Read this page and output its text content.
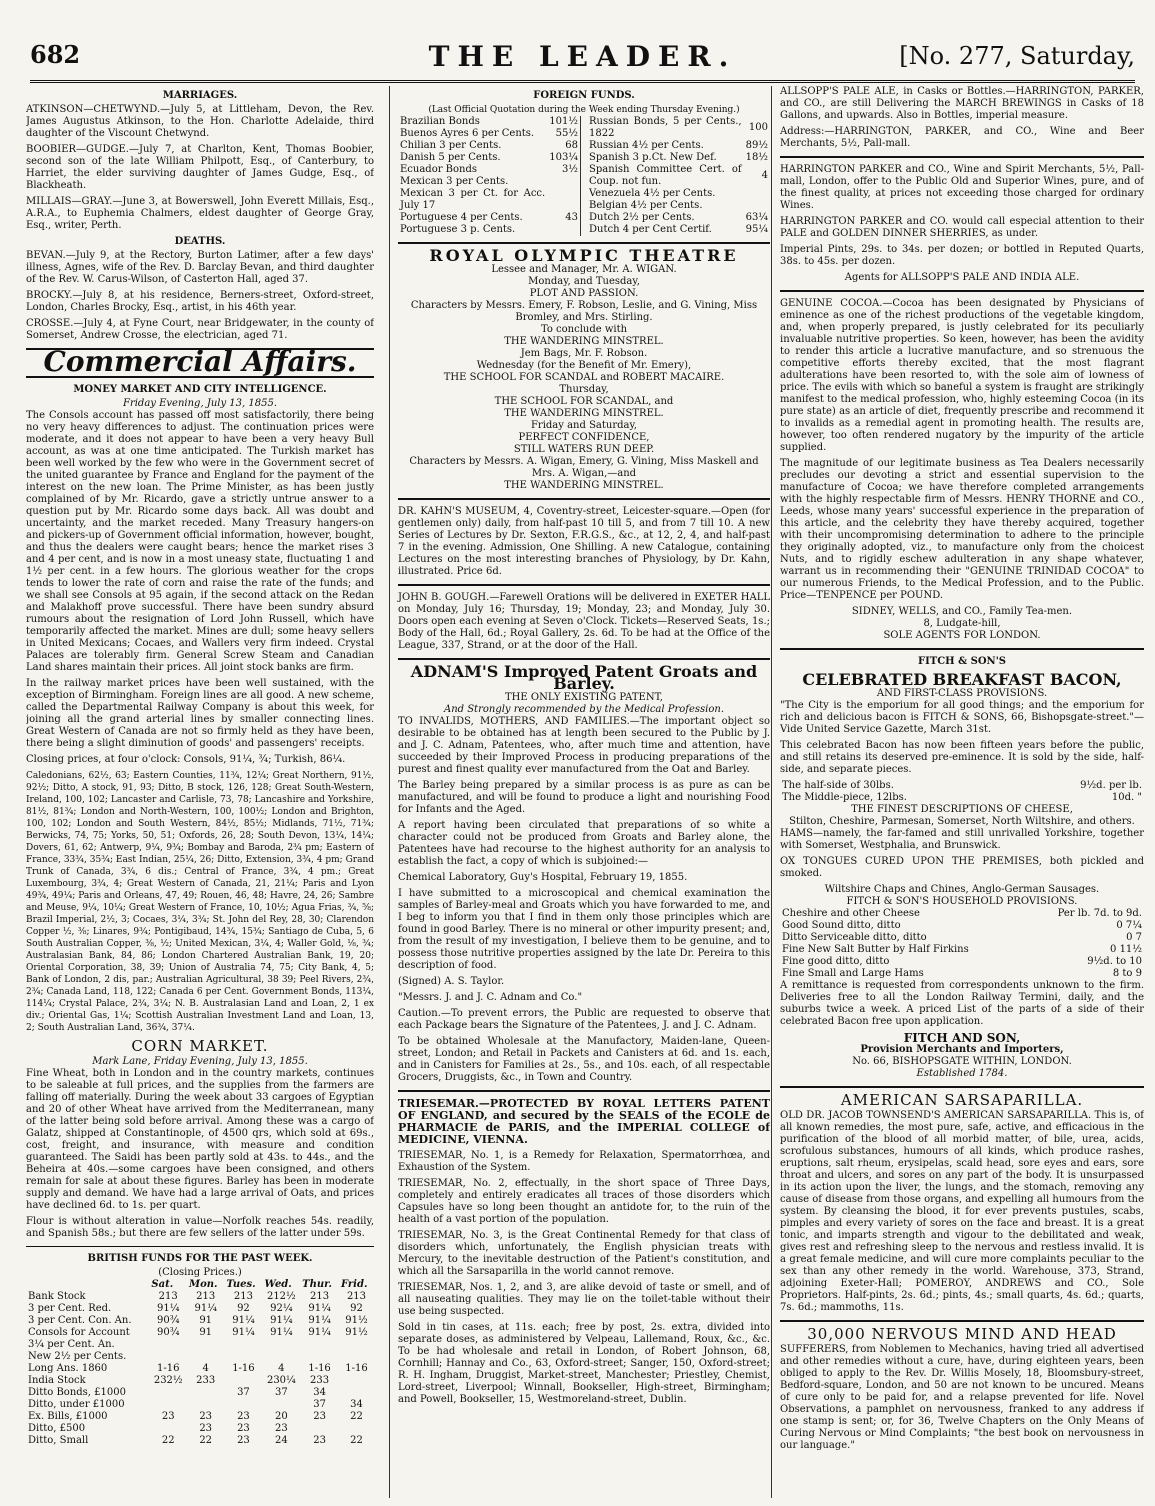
682	THE LEADER.	[No. 277, Saturday,
MARRIAGES.

ATKINSON—CHETWYND.—July 5, at Littleham, Devon, the Rev. James Augustus Atkinson, to the Hon. Charlotte Adelaide, third daughter of the Viscount Chetwynd.

BOOBIER—GUDGE.—July 7, at Charlton, Kent, Thomas Boobier, second son of the late William Philpott, Esq., of Canterbury, to Harriet, the elder surviving daughter of James Gudge, Esq., of Blackheath.

MILLAIS—GRAY.—June 3, at Bowerswell, John Everett Millais, Esq., A.R.A., to Euphemia Chalmers, eldest daughter of George Gray, Esq., writer, Perth.

DEATHS.

BEVAN.—July 9, at the Rectory, Burton Latimer, after a few days' illness, Agnes, wife of the Rev. D. Barclay Bevan, and third daughter of the Rev. W. Carus-Wilson, of Casterton Hall, aged 37.

BROCKY.—July 8, at his residence, Berners-street, Oxford-street, London, Charles Brocky, Esq., artist, in his 46th year.

CROSSE.—July 4, at Fyne Court, near Bridgewater, in the county of Somerset, Andrew Crosse, the electrician, aged 71.

Commercial Affairs.
MONEY MARKET AND CITY INTELLIGENCE.
Friday Evening, July 13, 1855.

The Consols account has passed off most satisfactorily, there being no very heavy differences to adjust. The continuation prices were moderate, and it does not appear to have been a very heavy Bull account, as was at one time anticipated. The Turkish market has been well worked by the few who were in the Government secret of the united guarantee by France and England for the payment of the interest on the new loan. The Prime Minister, as has been justly complained of by Mr. Ricardo, gave a strictly untrue answer to a question put by Mr. Ricardo some days back. All was doubt and uncertainty, and the market receded. Many Treasury hangers-on and pickers-up of Government official information, however, bought, and thus the dealers were caught bears; hence the market rises 3 and 4 per cent, and is now in a most uneasy state, fluctuating 1 and 1½ per cent. in a few hours. The glorious weather for the crops tends to lower the rate of corn and raise the rate of the funds; and we shall see Consols at 95 again, if the second attack on the Redan and Malakhoff prove successful. There have been sundry absurd rumours about the resignation of Lord John Russell, which have temporarily affected the market. Mines are dull; some heavy sellers in United Mexicans; Cocaes, and Wallers very firm indeed. Crystal Palaces are tolerably firm. General Screw Steam and Canadian Land shares maintain their prices. All joint stock banks are firm.

In the railway market prices have been well sustained, with the exception of Birmingham. Foreign lines are all good. A new scheme, called the Departmental Railway Company is about this week, for joining all the grand arterial lines by smaller connecting lines. Great Western of Canada are not so firmly held as they have been, there being a slight diminution of goods' and passengers' receipts.

Closing prices, at four o'clock: Consols, 91¼, ¾; Turkish, 86¼.

Caledonians, 62½, 63; Eastern Counties, 11¾, 12¼; Great Northern, 91½, 92½; Ditto, A stock, 91, 93; Ditto, B stock, 126, 128; Great South-Western, Ireland, 100, 102; Lancaster and Carlisle, 73, 78; Lancashire and Yorkshire, 81½, 81¾; London and North-Western, 100, 100½; London and Brighton, 100, 102; London and South Western, 84½, 85½; Midlands, 71½, 71¾; Berwicks, 74, 75; Yorks, 50, 51; Oxfords, 26, 28; South Devon, 13¼, 14¼; Dovers, 61, 62; Antwerp, 9¼, 9¾; Bombay and Baroda, 2¾ pm; Eastern of France, 33¾, 35¾; East Indian, 25¼, 26; Ditto, Extension, 3¾, 4 pm; Grand Trunk of Canada, 3¾, 6 dis.; Central of France, 3¾, 4 pm.; Great Luxembourg, 3¾, 4; Great Western of Canada, 21, 21¼; Paris and Lyon 49¾, 49¼; Paris and Orleans, 47, 49; Rouen, 46, 48; Havre, 24, 26; Sambre and Meuse, 9¼, 10¼; Great Western of France, 10, 10½; Agua Frias, ¾, ⅝; Brazil Imperial, 2½, 3; Cocaes, 3¼, 3¾; St. John del Rey, 28, 30; Clarendon Copper ½, ⅜; Linares, 9¾; Pontigibaud, 14¾, 15¾; Santiago de Cuba, 5, 6 South Australian Copper, ⅜, ½; United Mexican, 3¼, 4; Waller Gold, ⅛, ¾; Australasian Bank, 84, 86; London Chartered Australian Bank, 19, 20; Oriental Corporation, 38, 39; Union of Australia 74, 75; City Bank, 4, 5; Bank of London, 2 dis, par.; Australian Agricultural, 38 39; Peel Rivers, 2¾, 2¾; Canada Land, 118, 122; Canada 6 per Cent. Government Bonds, 113¼, 114¼; Crystal Palace, 2¾, 3¼; N. B. Australasian Land and Loan, 2, 1 ex div.; Oriental Gas, 1¼; Scottish Australian Investment Land and Loan, 13, 2; South Australian Land, 36¾, 37¼.

CORN MARKET.
Mark Lane, Friday Evening, July 13, 1855.

Fine Wheat, both in London and in the country markets, continues to be saleable at full prices, and the supplies from the farmers are falling off materially. During the week about 33 cargoes of Egyptian and 20 of other Wheat have arrived from the Mediterranean, many of the latter being sold before arrival. Among these was a cargo of Galatz, shipped at Constantinople, of 4500 qrs, which sold at 69s., cost, freight, and insurance, with measure and condition guaranteed. The Saidi has been partly sold at 43s. to 44s., and the Beheira at 40s.—some cargoes have been consigned, and others remain for sale at about these figures. Barley has been in moderate supply and demand. We have had a large arrival of Oats, and prices have declined 6d. to 1s. per quart.

Flour is without alteration in value—Norfolk reaches 54s. readily, and Spanish 58s.; but there are few sellers of the latter under 59s.

BRITISH FUNDS FOR THE PAST WEEK.
(Closing Prices.)
	Sat.	Mon.	Tues.	Wed.	Thur.	Frid.
Bank Stock	213	213	213	212½	213	213
3 per Cent. Red.	91¼	91¼	92	92¼	91¼	92
3 per Cent. Con. An.	90¾	91	91¼	91¼	91¼	91½
Consols for Account	90¾	91	91¼	91¼	91¼	91½
3¼ per Cent. An.						
New 2½ per Cents.						
Long Ans. 1860	1-16	4	1-16	4	1-16	1-16
India Stock	232½	233		230¼	233	
Ditto Bonds, £1000			37	37	34	
Ditto, under £1000					37	34
Ex. Bills, £1000	23	23	23	20	23	22
Ditto, £500		23	23	23		
Ditto, Small	22	22	23	24	23	22
FOREIGN FUNDS.
(Last Official Quotation during the Week ending Thursday Evening.)
Brazilian Bonds	101½
Buenos Ayres 6 per Cents.	55½
Chilian 3 per Cents.	68
Danish 5 per Cents.	103¼
Ecuador Bonds	3½
Mexican 3 per Cents.	
Mexican 3 per Ct. for Acc. July 17	
Portuguese 4 per Cents.	43
Portuguese 3 p. Cents.	
Russian Bonds, 5 per Cents., 1822	100
Russian 4½ per Cents.	89½
Spanish 3 p.Ct. New Def.	18½
Spanish Committee Cert. of Coup. not fun.	4
Venezuela 4½ per Cents.	
Belgian 4½ per Cents.	
Dutch 2½ per Cents.	63¼
Dutch 4 per Cent Certif.	95¼
ROYAL OLYMPIC THEATRE
Lessee and Manager, Mr. A. WIGAN.
Monday, and Tuesday,
PLOT AND PASSION.
Characters by Messrs. Emery, F. Robson, Leslie, and G. Vining, Miss Bromley, and Mrs. Stirling.
To conclude with
THE WANDERING MINSTREL.
Jem Bags, Mr. F. Robson.
Wednesday (for the Benefit of Mr. Emery),
THE SCHOOL FOR SCANDAL and ROBERT MACAIRE.
Thursday,
THE SCHOOL FOR SCANDAL, and
THE WANDERING MINSTREL.
Friday and Saturday,
PERFECT CONFIDENCE,
STILL WATERS RUN DEEP.
Characters by Messrs. A. Wigan, Emery, G. Vining, Miss Maskell and Mrs. A. Wigan,—and
THE WANDERING MINSTREL.

DR. KAHN'S MUSEUM, 4, Coventry-street, Leicester-square.—Open (for gentlemen only) daily, from half-past 10 till 5, and from 7 till 10. A new Series of Lectures by Dr. Sexton, F.R.G.S., &c., at 12, 2, 4, and half-past 7 in the evening. Admission, One Shilling. A new Catalogue, containing Lectures on the most interesting branches of Physiology, by Dr. Kahn, illustrated. Price 6d.

JOHN B. GOUGH.—Farewell Orations will be delivered in EXETER HALL on Monday, July 16; Thursday, 19; Monday, 23; and Monday, July 30. Doors open each evening at Seven o'Clock. Tickets—Reserved Seats, 1s.; Body of the Hall, 6d.; Royal Gallery, 2s. 6d. To be had at the Office of the League, 337, Strand, or at the door of the Hall.

ADNAM'S Improved Patent Groats and Barley.
THE ONLY EXISTING PATENT,
And Strongly recommended by the Medical Profession.

TO INVALIDS, MOTHERS, AND FAMILIES.—The important object so desirable to be obtained has at length been secured to the Public by J. and J. C. Adnam, Patentees, who, after much time and attention, have succeeded by their Improved Process in producing preparations of the purest and finest quality ever manufactured from the Oat and Barley.

The Barley being prepared by a similar process is as pure as can be manufactured, and will be found to produce a light and nourishing Food for Infants and the Aged.

A report having been circulated that preparations of so white a character could not be produced from Groats and Barley alone, the Patentees have had recourse to the highest authority for an analysis to establish the fact, a copy of which is subjoined:—

Chemical Laboratory, Guy's Hospital, February 19, 1855.

I have submitted to a microscopical and chemical examination the samples of Barley-meal and Groats which you have forwarded to me, and I beg to inform you that I find in them only those principles which are found in good Barley. There is no mineral or other impurity present; and, from the result of my investigation, I believe them to be genuine, and to possess those nutritive properties assigned by the late Dr. Pereira to this description of food.

(Signed) A. S. Taylor.

"Messrs. J. and J. C. Adnam and Co."

Caution.—To prevent errors, the Public are requested to observe that each Package bears the Signature of the Patentees, J. and J. C. Adnam.

To be obtained Wholesale at the Manufactory, Maiden-lane, Queen-street, London; and Retail in Packets and Canisters at 6d. and 1s. each, and in Canisters for Families at 2s., 5s., and 10s. each, of all respectable Grocers, Druggists, &c., in Town and Country.

TRIESEMAR.—PROTECTED BY ROYAL LETTERS PATENT OF ENGLAND, and secured by the SEALS of the ECOLE de PHARMACIE de PARIS, and the IMPERIAL COLLEGE of MEDICINE, VIENNA.

TRIESEMAR, No. 1, is a Remedy for Relaxation, Spermatorrhœa, and Exhaustion of the System.

TRIESEMAR, No. 2, effectually, in the short space of Three Days, completely and entirely eradicates all traces of those disorders which Capsules have so long been thought an antidote for, to the ruin of the health of a vast portion of the population.

TRIESEMAR, No. 3, is the Great Continental Remedy for that class of disorders which, unfortunately, the English physician treats with Mercury, to the inevitable destruction of the Patient's constitution, and which all the Sarsaparilla in the world cannot remove.

TRIESEMAR, Nos. 1, 2, and 3, are alike devoid of taste or smell, and of all nauseating qualities. They may lie on the toilet-table without their use being suspected.

Sold in tin cases, at 11s. each; free by post, 2s. extra, divided into separate doses, as administered by Velpeau, Lallemand, Roux, &c., &c. To be had wholesale and retail in London, of Robert Johnson, 68, Cornhill; Hannay and Co., 63, Oxford-street; Sanger, 150, Oxford-street; R. H. Ingham, Druggist, Market-street, Manchester; Priestley, Chemist, Lord-street, Liverpool; Winnall, Bookseller, High-street, Birmingham; and Powell, Bookseller, 15, Westmoreland-street, Dublin.

ALLSOPP'S PALE ALE, in Casks or Bottles.—HARRINGTON, PARKER, and CO., are still Delivering the MARCH BREWINGS in Casks of 18 Gallons, and upwards. Also in Bottles, imperial measure.

Address:—HARRINGTON, PARKER, and CO., Wine and Beer Merchants, 5½, Pall-mall.

HARRINGTON PARKER and CO., Wine and Spirit Merchants, 5½, Pall-mall, London, offer to the Public Old and Superior Wines, pure, and of the finest quality, at prices not exceeding those charged for ordinary Wines.

HARRINGTON PARKER and CO. would call especial attention to their PALE and GOLDEN DINNER SHERRIES, as under.

Imperial Pints, 29s. to 34s. per dozen; or bottled in Reputed Quarts, 38s. to 45s. per dozen.

Agents for ALLSOPP'S PALE AND INDIA ALE.

GENUINE COCOA.—Cocoa has been designated by Physicians of eminence as one of the richest productions of the vegetable kingdom, and, when properly prepared, is justly celebrated for its peculiarly invaluable nutritive properties. So keen, however, has been the avidity to render this article a lucrative manufacture, and so strenuous the competitive efforts thereby excited, that the most flagrant adulterations have been resorted to, with the sole aim of lowness of price. The evils with which so baneful a system is fraught are strikingly manifest to the medical profession, who, highly esteeming Cocoa (in its pure state) as an article of diet, frequently prescribe and recommend it to invalids as a remedial agent in promoting health. The results are, however, too often rendered nugatory by the impurity of the article supplied.

The magnitude of our legitimate business as Tea Dealers necessarily precludes our devoting a strict and essential supervision to the manufacture of Cocoa; we have therefore completed arrangements with the highly respectable firm of Messrs. HENRY THORNE and CO., Leeds, whose many years' successful experience in the preparation of this article, and the celebrity they have thereby acquired, together with their uncompromising determination to adhere to the principle they originally adopted, viz., to manufacture only from the choicest Nuts, and to rigidly eschew adulteration in any shape whatever, warrant us in recommending their "GENUINE TRINIDAD COCOA" to our numerous Friends, to the Medical Profession, and to the Public. Price—TENPENCE per POUND.

SIDNEY, WELLS, and CO., Family Tea-men.
8, Ludgate-hill,
SOLE AGENTS FOR LONDON.
FITCH & SON'S
CELEBRATED BREAKFAST BACON,
AND FIRST-CLASS PROVISIONS.

"The City is the emporium for all good things; and the emporium for rich and delicious bacon is FITCH & SONS, 66, Bishopsgate-street."—Vide United Service Gazette, March 31st.

This celebrated Bacon has now been fifteen years before the public, and still retains its deserved pre-eminence. It is sold by the side, half-side, and separate pieces.

The half-side of 30lbs.	9½d. per lb.
The Middle-piece, 12lbs.	10d. "
THE FINEST DESCRIPTIONS OF CHEESE,
Stilton, Cheshire, Parmesan, Somerset, North Wiltshire, and others.

HAMS—namely, the far-famed and still unrivalled Yorkshire, together with Somerset, Westphalia, and Brunswick.

OX TONGUES CURED UPON THE PREMISES, both pickled and smoked.

Wiltshire Chaps and Chines, Anglo-German Sausages.
FITCH & SON'S HOUSEHOLD PROVISIONS.
Cheshire and other Cheese	Per lb. 7d. to 9d.
Good Sound ditto, ditto	0 7¼
Ditto Serviceable ditto, ditto	0 7
Fine New Salt Butter by Half Firkins	0 11½
Fine good ditto, ditto	9½d. to 10
Fine Small and Large Hams	8 to 9

A remittance is requested from correspondents unknown to the firm. Deliveries free to all the London Railway Termini, daily, and the suburbs twice a week. A priced List of the parts of a side of their celebrated Bacon free upon application.

FITCH AND SON,
Provision Merchants and Importers,
No. 66, BISHOPSGATE WITHIN, LONDON.
Established 1784.
AMERICAN SARSAPARILLA.

OLD DR. JACOB TOWNSEND'S AMERICAN SARSAPARILLA. This is, of all known remedies, the most pure, safe, active, and efficacious in the purification of the blood of all morbid matter, of bile, urea, acids, scrofulous substances, humours of all kinds, which produce rashes, eruptions, salt rheum, erysipelas, scald head, sore eyes and ears, sore throat and ulcers, and sores on any part of the body. It is unsurpassed in its action upon the liver, the lungs, and the stomach, removing any cause of disease from those organs, and expelling all humours from the system. By cleansing the blood, it for ever prevents pustules, scabs, pimples and every variety of sores on the face and breast. It is a great tonic, and imparts strength and vigour to the debilitated and weak, gives rest and refreshing sleep to the nervous and restless invalid. It is a great female medicine, and will cure more complaints peculiar to the sex than any other remedy in the world. Warehouse, 373, Strand, adjoining Exeter-Hall; POMEROY, ANDREWS and CO., Sole Proprietors. Half-pints, 2s. 6d.; pints, 4s.; small quarts, 4s. 6d.; quarts, 7s. 6d.; mammoths, 11s.

30,000 NERVOUS MIND AND HEAD

SUFFERERS, from Noblemen to Mechanics, having tried all advertised and other remedies without a cure, have, during eighteen years, been obliged to apply to the Rev. Dr. Willis Mosely, 18, Bloomsbury-street, Bedford-square, London, and 50 are not known to be uncured. Means of cure only to be paid for, and a relapse prevented for life. Novel Observations, a pamphlet on nervousness, franked to any address if one stamp is sent; or, for 36, Twelve Chapters on the Only Means of Curing Nervous or Mind Complaints; "the best book on nervousness in our language."
